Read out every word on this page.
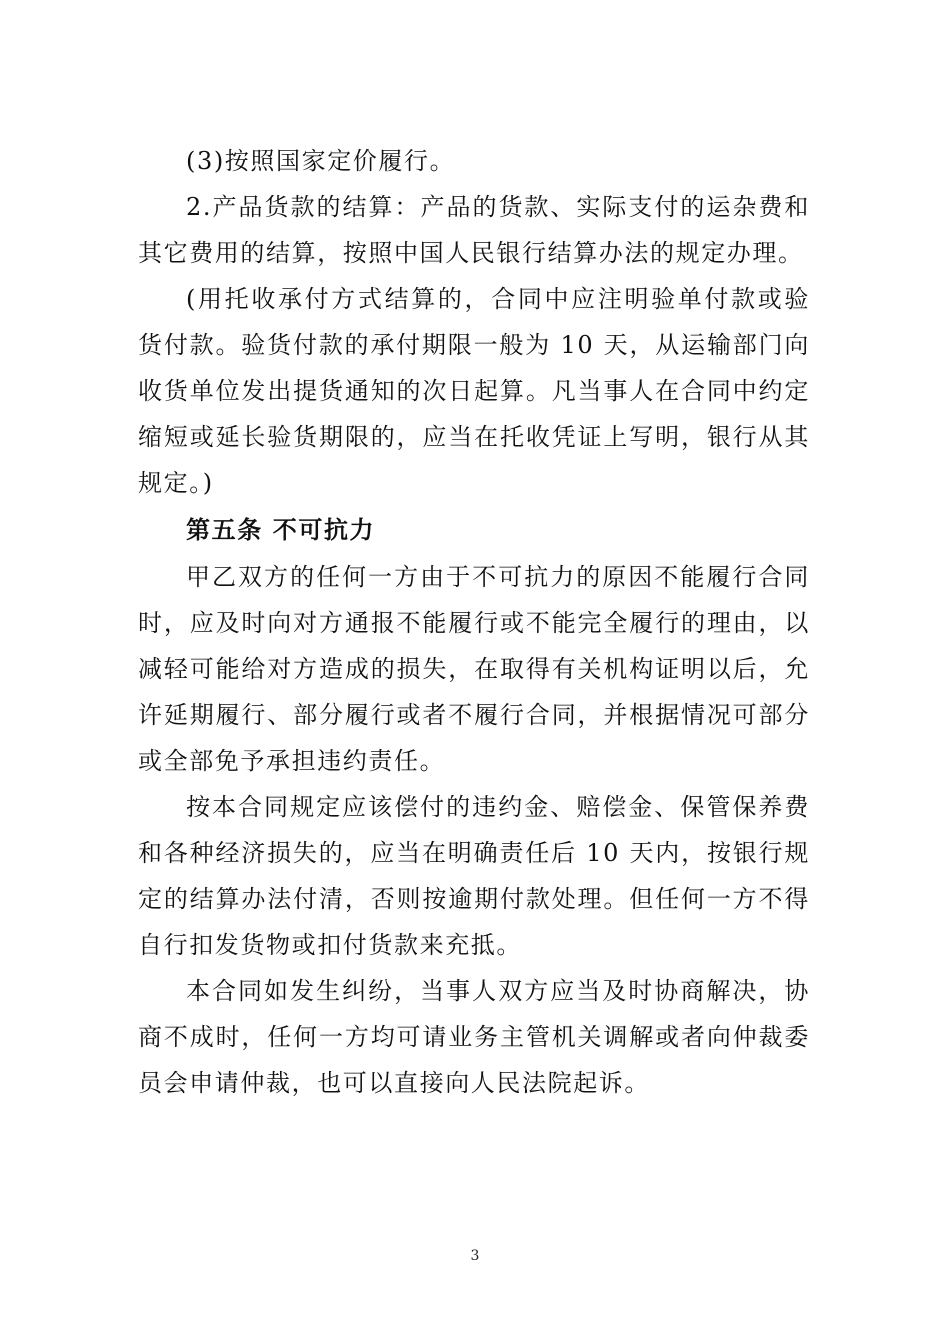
(3)按照国家定价履行。

2.产品货款的结算：产品的货款、实际支付的运杂费和其它费用的结算，按照中国人民银行结算办法的规定办理。

(用托收承付方式结算的，合同中应注明验单付款或验货付款。验货付款的承付期限一般为 10 天，从运输部门向收货单位发出提货通知的次日起算。凡当事人在合同中约定缩短或延长验货期限的，应当在托收凭证上写明，银行从其规定。)

第五条 不可抗力

甲乙双方的任何一方由于不可抗力的原因不能履行合同时，应及时向对方通报不能履行或不能完全履行的理由，以减轻可能给对方造成的损失，在取得有关机构证明以后，允许延期履行、部分履行或者不履行合同，并根据情况可部分或全部免予承担违约责任。

按本合同规定应该偿付的违约金、赔偿金、保管保养费和各种经济损失的，应当在明确责任后 10 天内，按银行规定的结算办法付清，否则按逾期付款处理。但任何一方不得自行扣发货物或扣付货款来充抵。

本合同如发生纠纷，当事人双方应当及时协商解决，协商不成时，任何一方均可请业务主管机关调解或者向仲裁委员会申请仲裁，也可以直接向人民法院起诉。

3
